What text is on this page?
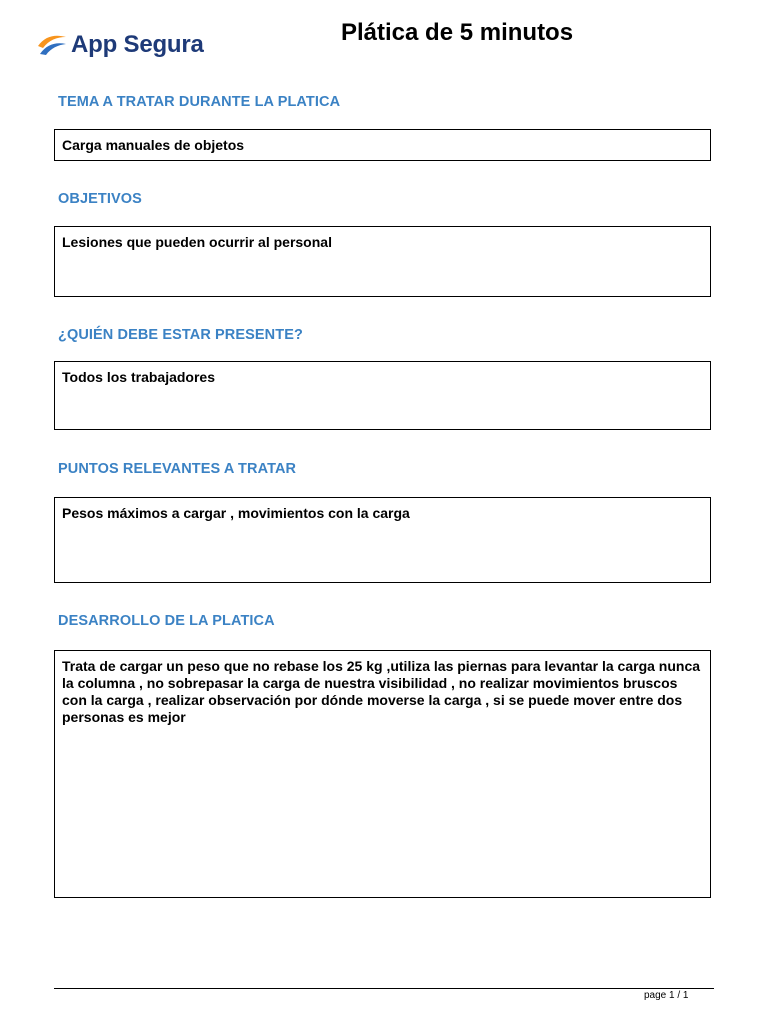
App Segura	Plática de 5 minutos
TEMA A TRATAR DURANTE LA PLATICA
Carga manuales de objetos
OBJETIVOS
Lesiones que pueden ocurrir al personal
¿QUIÉN DEBE ESTAR PRESENTE?
Todos los trabajadores
PUNTOS RELEVANTES A TRATAR
Pesos máximos a cargar , movimientos con la carga
DESARROLLO DE LA PLATICA
Trata de cargar un peso que no rebase los 25 kg ,utiliza las piernas para levantar la carga nunca la columna , no sobrepasar la carga de nuestra visibilidad , no realizar movimientos bruscos con la carga , realizar observación por dónde moverse la carga , si se puede mover entre dos personas es mejor
page 1 / 1
